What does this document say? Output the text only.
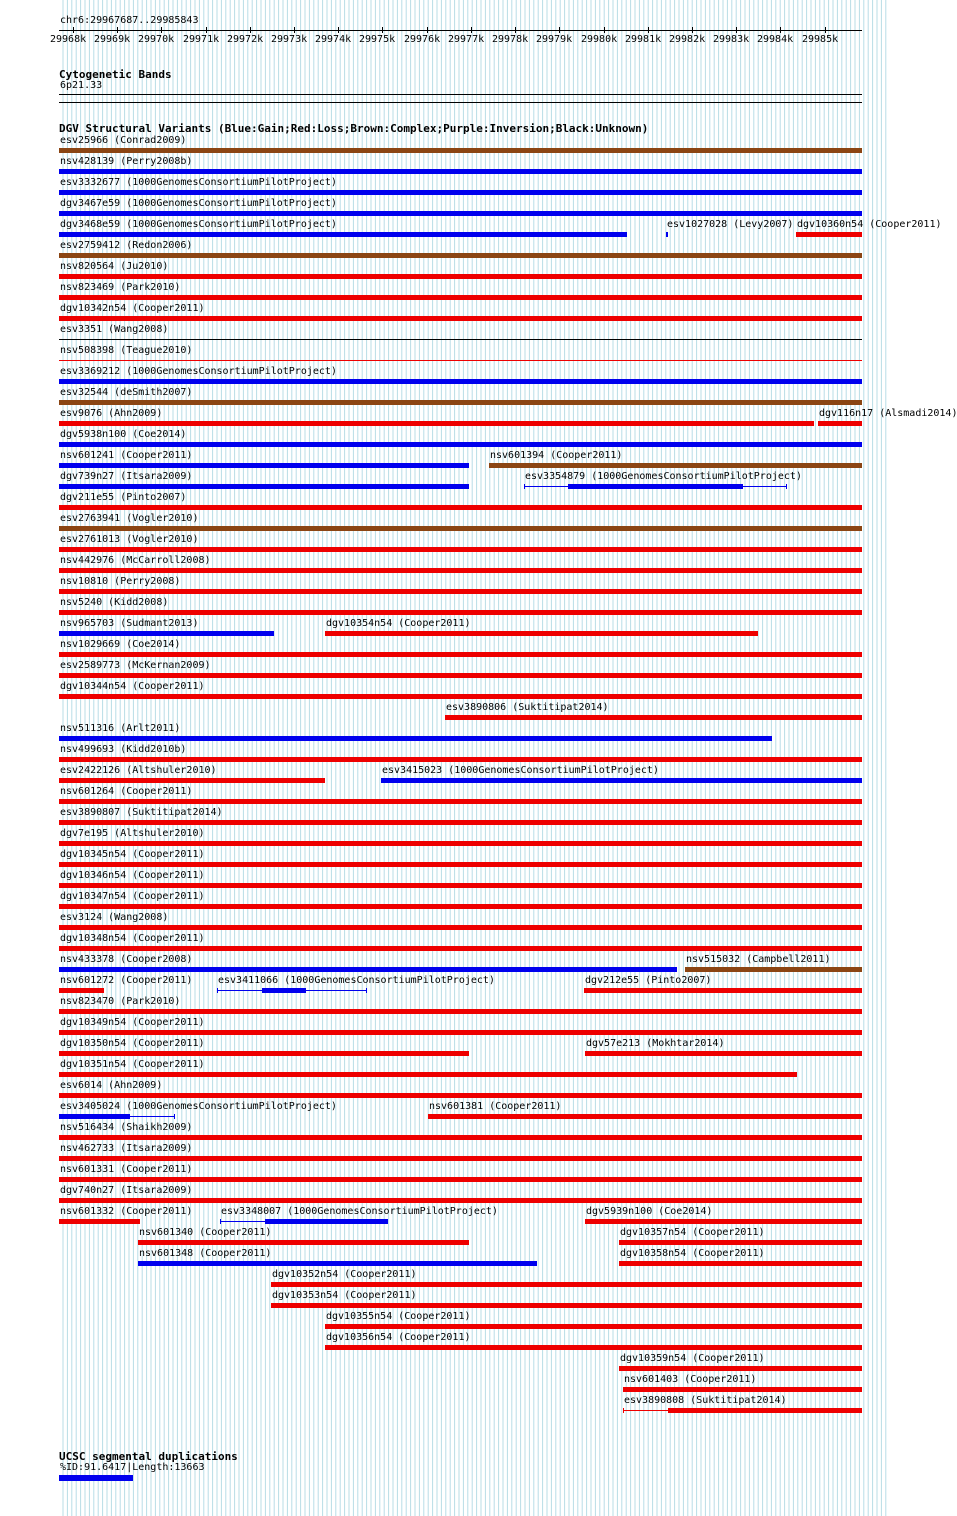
chr6:29967687..29985843
29968k 29969k 29970k 29971k 29972k 29973k 29974k 29975k 29976k 29977k 29978k 29979k 29980k 29981k 29982k 29983k 29984k 29985k
Cytogenetic Bands
6p21.33
DGV Structural Variants (Blue:Gain;Red:Loss;Brown:Complex;Purple:Inversion;Black:Unknown)
esv25966 (Conrad2009)
nsv428139 (Perry2008b)
esv3332677 (1000GenomesConsortiumPilotProject)
dgv3467e59 (1000GenomesConsortiumPilotProject)
dgv3468e59 (1000GenomesConsortiumPilotProject)	esv1027028 (Levy2007) dgv10360n54 (Cooper2011)
esv2759412 (Redon2006)
nsv820564 (Ju2010)
nsv823469 (Park2010)
dgv10342n54 (Cooper2011)
esv3351 (Wang2008)
nsv508398 (Teague2010)
esv3369212 (1000GenomesConsortiumPilotProject)
esv32544 (deSmith2007)
esv9076 (Ahn2009)	dgv116n17 (Alsmadi2014)
dgv5938n100 (Coe2014)
nsv601241 (Cooper2011)	nsv601394 (Cooper2011)
dgv739n27 (Itsara2009)	esv3354879 (1000GenomesConsortiumPilotProject)
dgv211e55 (Pinto2007)
esv2763941 (Vogler2010)
esv2761013 (Vogler2010)
nsv442976 (McCarroll2008)
nsv10810 (Perry2008)
nsv5240 (Kidd2008)
nsv965703 (Sudmant2013)	dgv10354n54 (Cooper2011)
nsv1029669 (Coe2014)
esv2589773 (McKernan2009)
dgv10344n54 (Cooper2011)
esv3890806 (Suktitipat2014)
nsv511316 (Arlt2011)
nsv499693 (Kidd2010b)
esv2422126 (Altshuler2010)	esv3415023 (1000GenomesConsortiumPilotProject)
nsv601264 (Cooper2011)
esv3890807 (Suktitipat2014)
dgv7e195 (Altshuler2010)
dgv10345n54 (Cooper2011)
dgv10346n54 (Cooper2011)
dgv10347n54 (Cooper2011)
esv3124 (Wang2008)
dgv10348n54 (Cooper2011)
nsv433378 (Cooper2008)	nsv515032 (Campbell2011)
nsv601272 (Cooper2011)	esv3411066 (1000GenomesConsortiumPilotProject)	dgv212e55 (Pinto2007)
nsv823470 (Park2010)
dgv10349n54 (Cooper2011)
dgv10350n54 (Cooper2011)	dgv57e213 (Mokhtar2014)
dgv10351n54 (Cooper2011)
esv6014 (Ahn2009)
esv3405024 (1000GenomesConsortiumPilotProject)	nsv601381 (Cooper2011)
nsv516434 (Shaikh2009)
nsv462733 (Itsara2009)
nsv601331 (Cooper2011)
dgv740n27 (Itsara2009)
nsv601332 (Cooper2011)	esv3348007 (1000GenomesConsortiumPilotProject)	dgv5939n100 (Coe2014)
nsv601340 (Cooper2011)	dgv10357n54 (Cooper2011)
nsv601348 (Cooper2011)	dgv10358n54 (Cooper2011)
dgv10352n54 (Cooper2011)
dgv10353n54 (Cooper2011)
dgv10355n54 (Cooper2011)
dgv10356n54 (Cooper2011)
dgv10359n54 (Cooper2011)
nsv601403 (Cooper2011)
esv3890808 (Suktitipat2014)
UCSC segmental duplications
%ID:91.6417|Length:13663
